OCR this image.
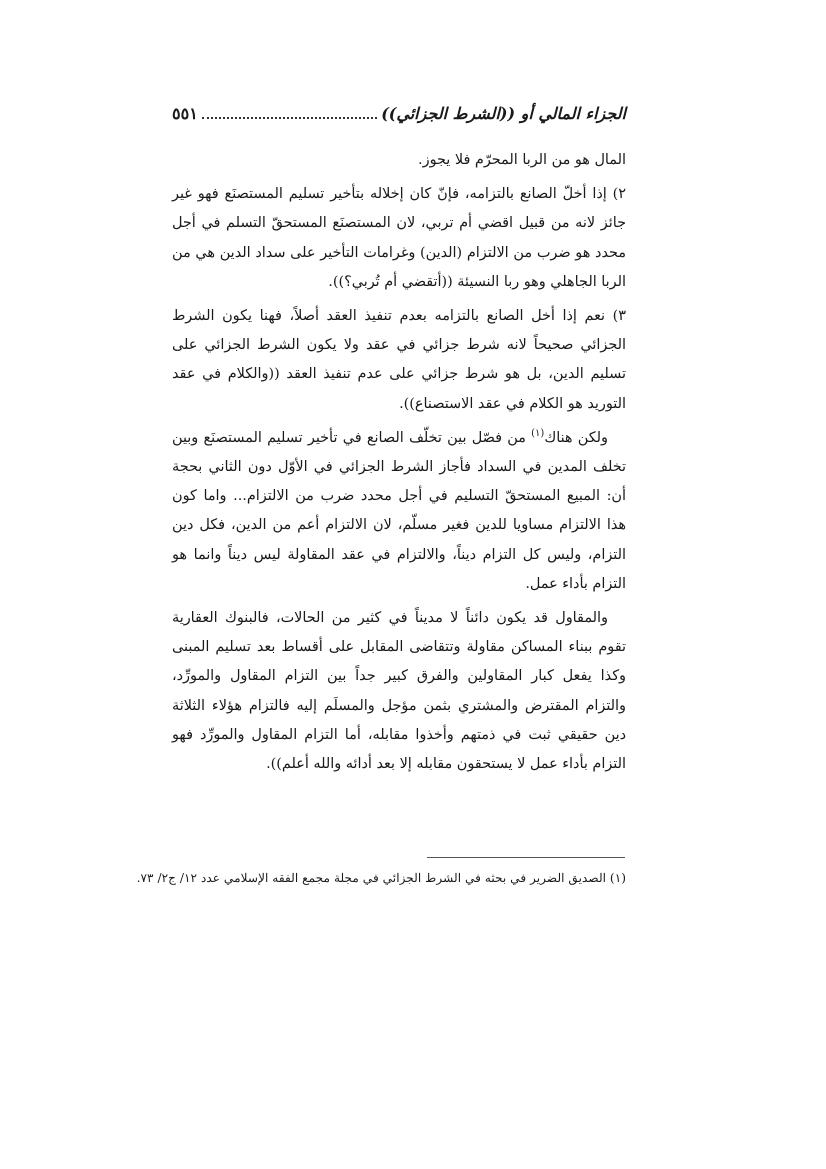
الجزاء المالي أو ((الشرط الجزائي))
٥٥١

المال هو من الربا المحرّم فلا يجوز.

٢) إذا أخلّ الصانع بالتزامه، فإنّ كان إخلاله بتأخير تسليم المستصنَع فهو غير جائز لانه من قبيل اقضي أم تربي، لان المستصنَع المستحقّ التسلم في أجل محدد هو ضرب من الالتزام (الدين) وغرامات التأخير على سداد الدين هي من الربا الجاهلي وهو ربا النسيئة ((أتقضي أم تُربي؟)).

٣) نعم إذا أخل الصانع بالتزامه بعدم تنفيذ العقد أصلاً، فهنا يكون الشرط الجزائي صحيحاً لانه شرط جزائي في عقد ولا يكون الشرط الجزائي على تسليم الدين، بل هو شرط جزائي على عدم تنفيذ العقد ((والكلام في عقد التوريد هو الكلام في عقد الاستصناع)).

ولكن هناك$^{(١)}$ من فصّل بين تخلّف الصانع في تأخير تسليم المستصنَع وبين تخلف المدين في السداد فأجاز الشرط الجزائي في الأوّل دون الثاني بحجة أن: المبيع المستحقّ التسليم في أجل محدد ضرب من الالتزام... واما كون هذا الالتزام مساويا للدين فغير مسلّم، لان الالتزام أعم من الدين، فكل دين التزام، وليس كل التزام ديناً، والالتزام في عقد المقاولة ليس ديناً وانما هو التزام بأداء عمل.

والمقاول قد يكون دائناً لا مديناً في كثير من الحالات، فالبنوك العقارية تقوم ببناء المساكن مقاولة وتتقاضى المقابل على أقساط بعد تسليم المبنى وكذا يفعل كبار المقاولين والفرق كبير جداً بين التزام المقاول والمورِّد، والتزام المقترض والمشتري بثمن مؤجل والمسلَم إليه فالتزام هؤلاء الثلاثة دين حقيقي ثبت في ذمتهم وأخذوا مقابله، أما التزام المقاول والمورِّد فهو التزام بأداء عمل لا يستحقون مقابله إلا بعد أدائه والله أعلم)).

(١) الصديق الضرير في بحثه في الشرط الجزائي في مجلة مجمع الفقه الإسلامي عدد ١٢/ ج٢/ ٧٣.
